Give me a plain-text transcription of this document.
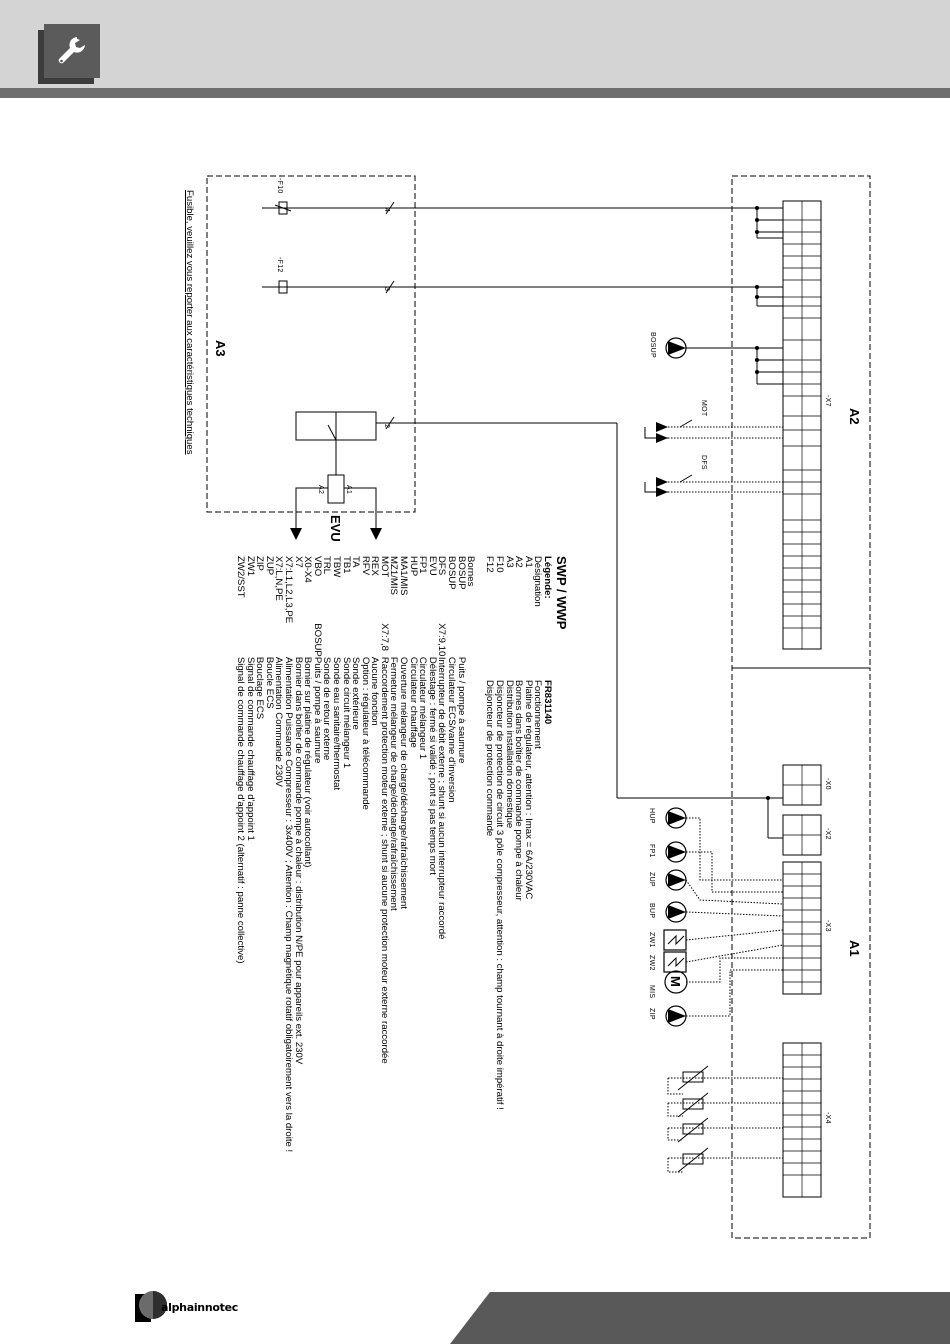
M
A2
A1
A3
-X7
-X0
-X2
-X3
-X4
-F10
-F12
BOSUP
MOT
DFS
EVU
A1
A2
4
3
2
HUP
FP1
ZUP
BUP
ZW1
ZW2
MIS
ZIP
Fusible, veuillez vous reporter aux caractéristiques techniques
SWP / WWP
Légende:		FR831140
Désignation		Fonctionnement
A1		Platine de régulateur, attention : Imax = 6A/230VAC
A2		Bornes dans boîtier de commande pompe à chaleur
A3		Distribution installation domestique
F10		Disjoncteur de protection de circuit 3 pôle compresseur, attention : champ tournant à droite impératif !
F12		Disjoncteur de protection commande
Bornes		
BOSUP		Puits / pompe à saumure
BOSUP		Circulateur ECS/vanne d'inversion
DFS	X7:9,10	Interrupteur de débit externe ; shunt si aucun interrupteur raccordé
EVU		Délestage : fermé si validé ; pont si pas temps mort
FP1		Circulateur mélangeur 1
HUP		Circulateur chauffage
MA1/MIS		Ouverture mélangeur de charge/décharge/rafraîchissement
MZ1/MIS		Fermeture mélangeur de charge/décharge/rafraîchissement
MOT	X7:7,8	Raccordement protection moteur externe ; shunt si aucune protection moteur externe raccordée
REX		Aucune fonction
RFV		Option : régulateur à télécommande
TA		Sonde extérieure
TB1		Sonde circuit mélangeur 1
TBW		Sonde eau sanitaire/thermostat
TRL		Sonde de retour externe
VBO	BOSUP	Puits / pompe à saumure
X0-X4		Bornier sur platine de régulateur (voir autocollant)
X7		Bornier dans boîtier de commande pompe à chaleur : distribution N/PE pour appareils ext. 230V
X7:L1,L2,L3,PE		Alimentation Puissance Compresseur : 3x400V ; Attention : Champ magnétique rotatif obligatoirement vers la droite !
X7:L,N,PE		Alimentation Commande 230V
ZUP		Boucle ECS
ZIP		Bouclage ECS
ZW1		Signal de commande chauffage d'appoint 1
ZW2/SST		Signal de commande chauffage d'appoint 2 (alternatif : panne collective)
alphainnotec
